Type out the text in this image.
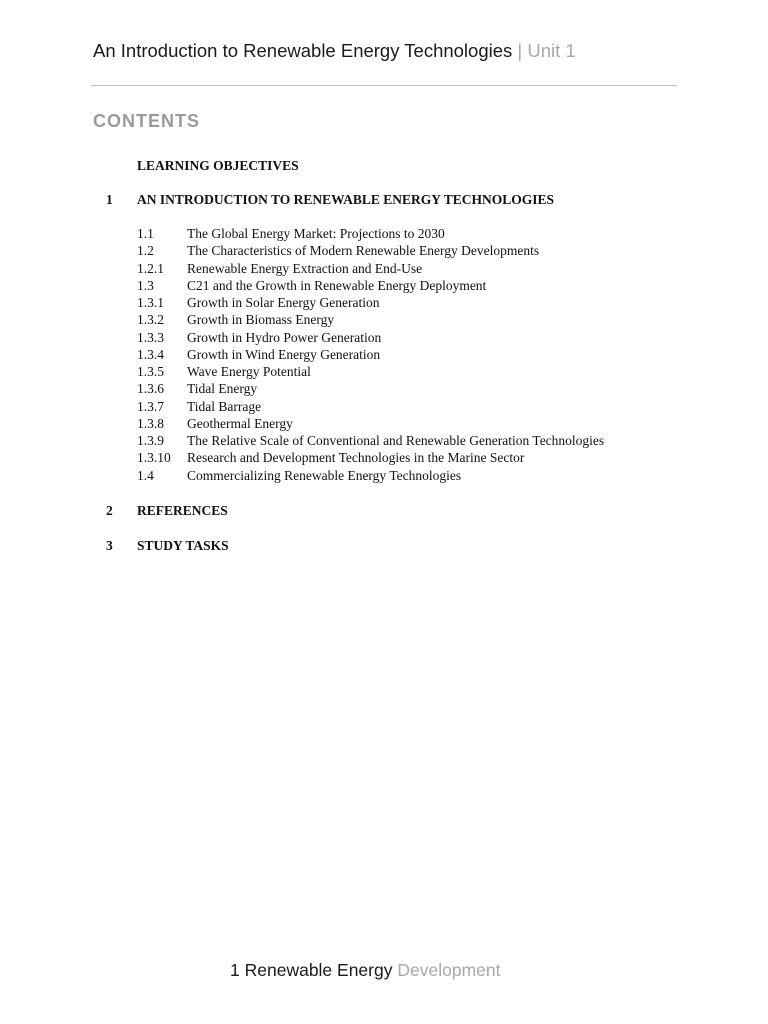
An Introduction to Renewable Energy Technologies | Unit 1
CONTENTS
LEARNING OBJECTIVES
1 AN INTRODUCTION TO RENEWABLE ENERGY TECHNOLOGIES
1.1 The Global Energy Market: Projections to 2030
1.2 The Characteristics of Modern Renewable Energy Developments
1.2.1 Renewable Energy Extraction and End-Use
1.3 C21 and the Growth in Renewable Energy Deployment
1.3.1 Growth in Solar Energy Generation
1.3.2 Growth in Biomass Energy
1.3.3 Growth in Hydro Power Generation
1.3.4 Growth in Wind Energy Generation
1.3.5 Wave Energy Potential
1.3.6 Tidal Energy
1.3.7 Tidal Barrage
1.3.8 Geothermal Energy
1.3.9 The Relative Scale of Conventional and Renewable Generation Technologies
1.3.10 Research and Development Technologies in the Marine Sector
1.4 Commercializing Renewable Energy Technologies
2 REFERENCES
3 STUDY TASKS
1 Renewable Energy Development
